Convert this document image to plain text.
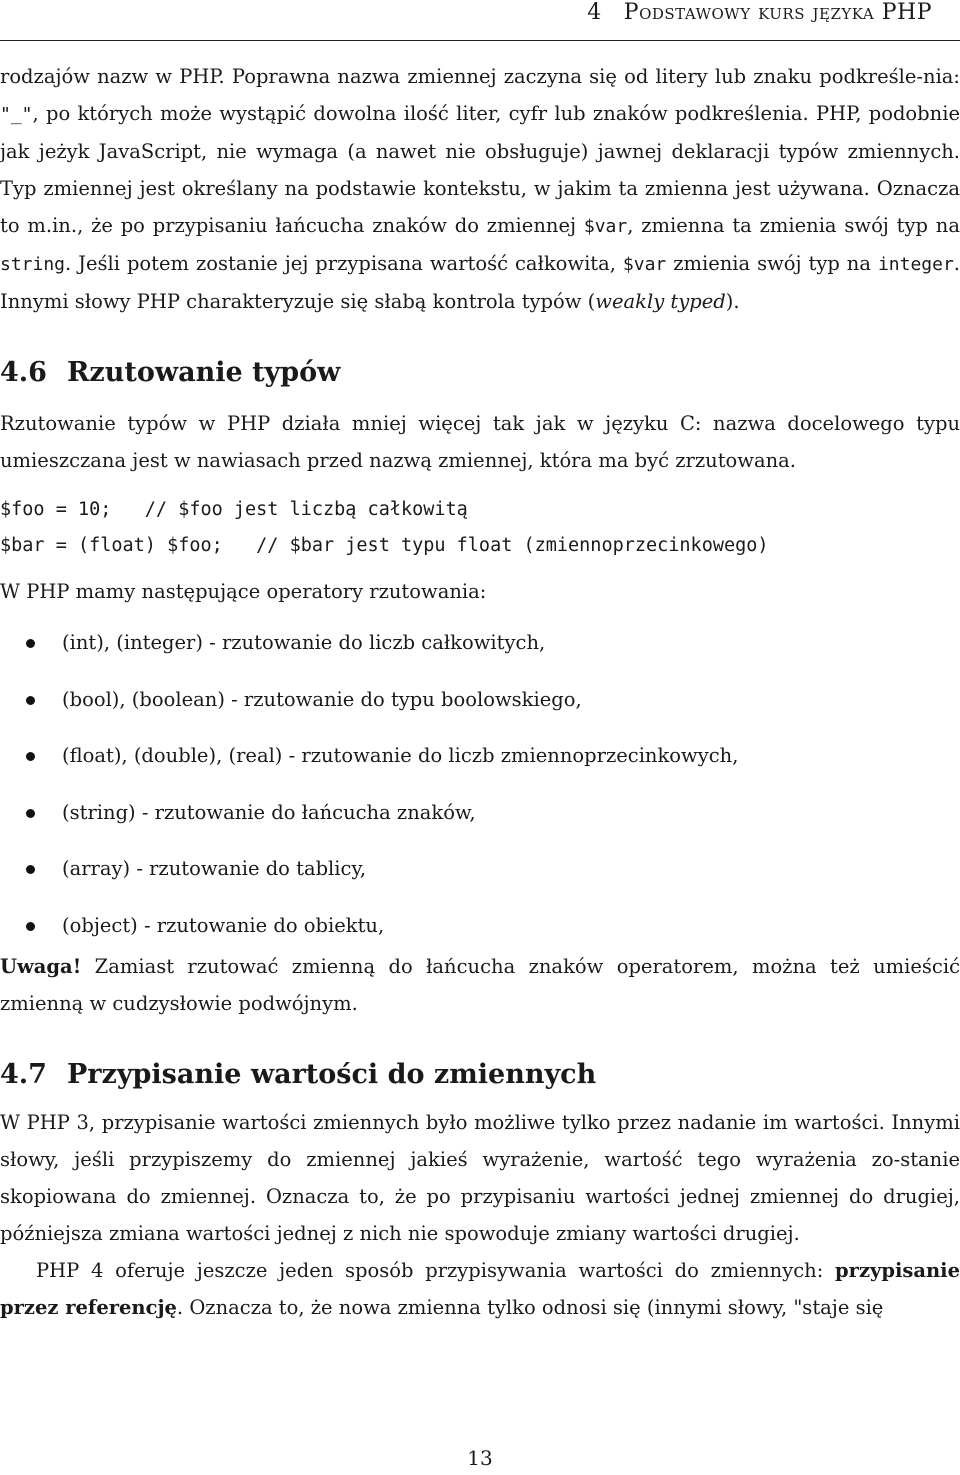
4 Podstawowy kurs języka PHP

rodzajów nazw w PHP. Poprawna nazwa zmiennej zaczyna się od litery lub znaku podkreśle-nia: "_", po których może wystąpić dowolna ilość liter, cyfr lub znaków podkreślenia. PHP, podobnie jak jeżyk JavaScript, nie wymaga (a nawet nie obsługuje) jawnej deklaracji typów zmiennych. Typ zmiennej jest określany na podstawie kontekstu, w jakim ta zmienna jest używana. Oznacza to m.in., że po przypisaniu łańcucha znaków do zmiennej $var, zmienna ta zmienia swój typ na string. Jeśli potem zostanie jej przypisana wartość całkowita, $var zmienia swój typ na integer. Innymi słowy PHP charakteryzuje się słabą kontrola typów (weakly typed).

4.6 Rzutowanie typów

Rzutowanie typów w PHP działa mniej więcej tak jak w języku C: nazwa docelowego typu umieszczana jest w nawiasach przed nazwą zmiennej, która ma być zrzutowana.

$foo = 10;   // $foo jest liczbą całkowitą
$bar = (float) $foo;   // $bar jest typu float (zmiennoprzecinkowego)

W PHP mamy następujące operatory rzutowania:

(int), (integer) - rzutowanie do liczb całkowitych,
(bool), (boolean) - rzutowanie do typu boolowskiego,
(float), (double), (real) - rzutowanie do liczb zmiennoprzecinkowych,
(string) - rzutowanie do łańcucha znaków,
(array) - rzutowanie do tablicy,
(object) - rzutowanie do obiektu,

Uwaga! Zamiast rzutować zmienną do łańcucha znaków operatorem, można też umieścić zmienną w cudzysłowie podwójnym.

4.7 Przypisanie wartości do zmiennych

W PHP 3, przypisanie wartości zmiennych było możliwe tylko przez nadanie im wartości. Innymi słowy, jeśli przypiszemy do zmiennej jakieś wyrażenie, wartość tego wyrażenia zo-stanie skopiowana do zmiennej. Oznacza to, że po przypisaniu wartości jednej zmiennej do drugiej, późniejsza zmiana wartości jednej z nich nie spowoduje zmiany wartości drugiej.

PHP 4 oferuje jeszcze jeden sposób przypisywania wartości do zmiennych: przypisanie przez referencję. Oznacza to, że nowa zmienna tylko odnosi się (innymi słowy, "staje się

13
